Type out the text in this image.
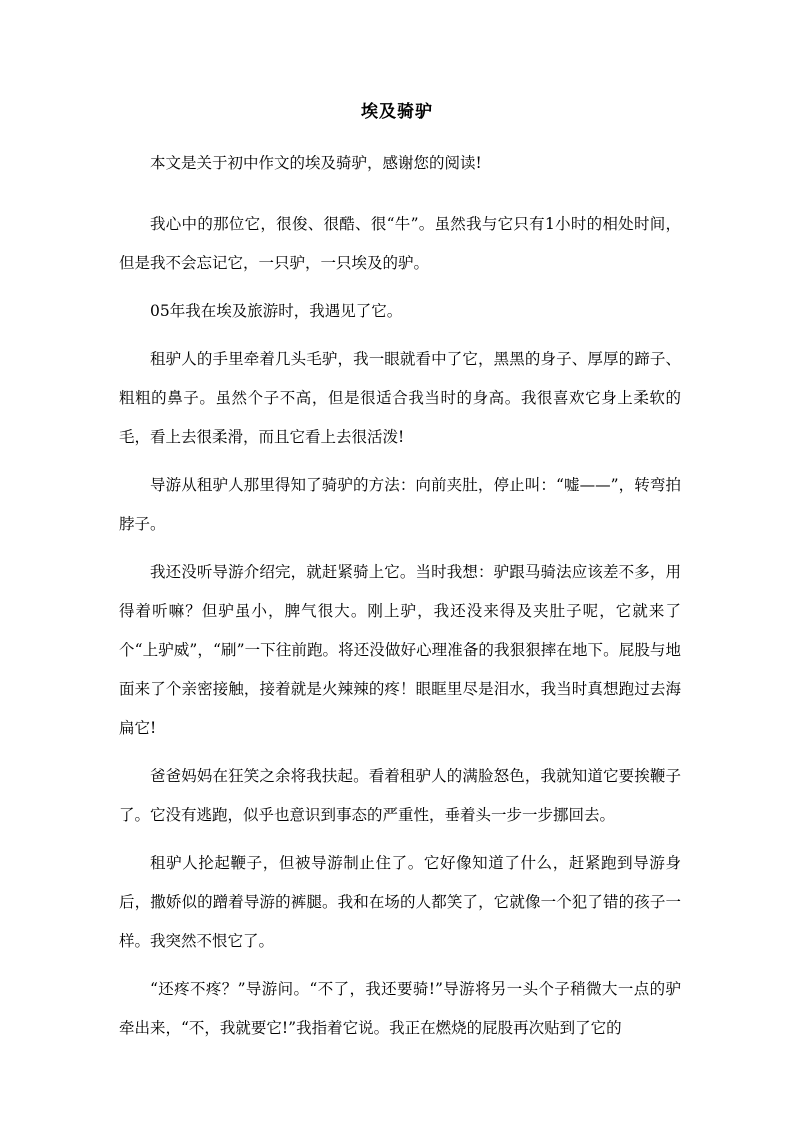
埃及骑驴

本文是关于初中作文的埃及骑驴，感谢您的阅读!

我心中的那位它，很俊、很酷、很“牛”。虽然我与它只有1小时的相处时间，但是我不会忘记它，一只驴，一只埃及的驴。

05年我在埃及旅游时，我遇见了它。

租驴人的手里牵着几头毛驴，我一眼就看中了它，黑黑的身子、厚厚的蹄子、粗粗的鼻子。虽然个子不高，但是很适合我当时的身高。我很喜欢它身上柔软的毛，看上去很柔滑，而且它看上去很活泼!

导游从租驴人那里得知了骑驴的方法：向前夹肚，停止叫：“嘘——”，转弯拍脖子。

我还没听导游介绍完，就赶紧骑上它。当时我想：驴跟马骑法应该差不多，用得着听嘛？但驴虽小，脾气很大。刚上驴，我还没来得及夹肚子呢，它就来了个“上驴威”，“刷”一下往前跑。将还没做好心理准备的我狠狠摔在地下。屁股与地面来了个亲密接触，接着就是火辣辣的疼！眼眶里尽是泪水，我当时真想跑过去海扁它!

爸爸妈妈在狂笑之余将我扶起。看着租驴人的满脸怒色，我就知道它要挨鞭子了。它没有逃跑，似乎也意识到事态的严重性，垂着头一步一步挪回去。

租驴人抡起鞭子，但被导游制止住了。它好像知道了什么，赶紧跑到导游身后，撒娇似的蹭着导游的裤腿。我和在场的人都笑了，它就像一个犯了错的孩子一样。我突然不恨它了。

“还疼不疼？”导游问。“不了，我还要骑!”导游将另一头个子稍微大一点的驴牵出来，“不，我就要它!”我指着它说。我正在燃烧的屁股再次贴到了它的
